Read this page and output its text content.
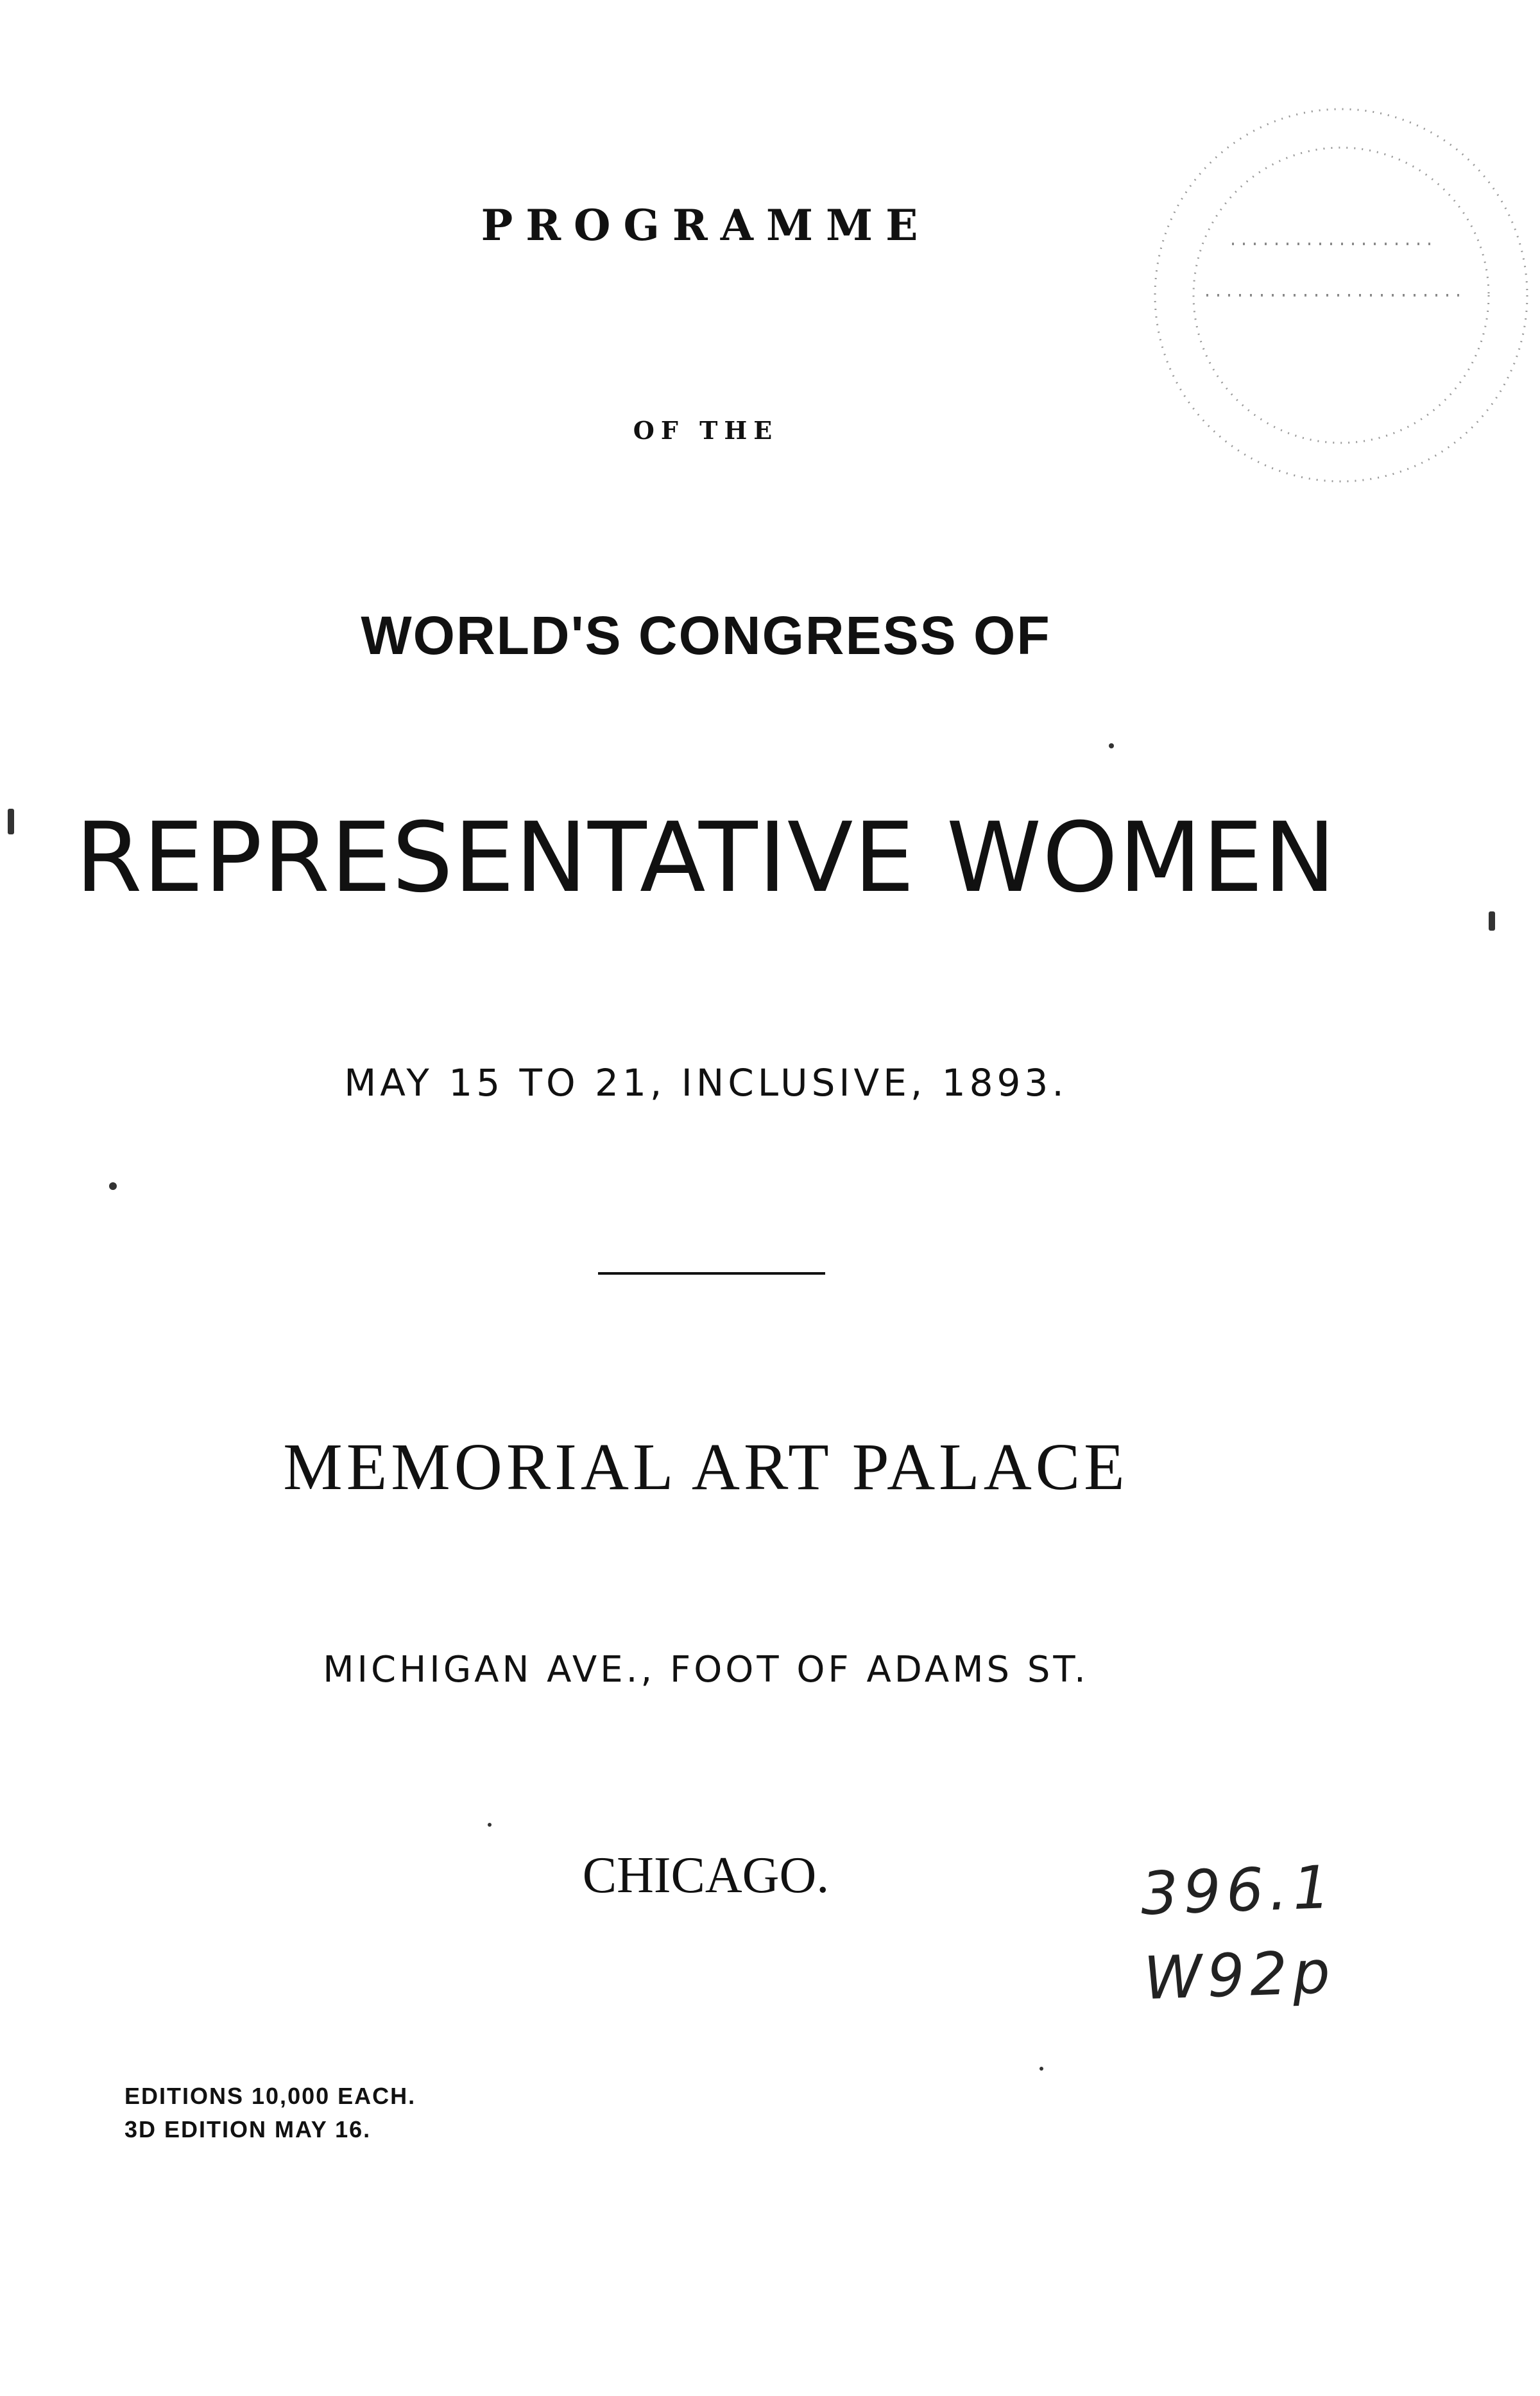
PROGRAMME
OF THE
WORLD'S CONGRESS OF
REPRESENTATIVE WOMEN
MAY 15 TO 21, INCLUSIVE, 1893.
MEMORIAL ART PALACE
MICHIGAN AVE., FOOT OF ADAMS ST.
CHICAGO.	396.1
W92p
EDITIONS 10,000 EACH.
3D EDITION MAY 16.
